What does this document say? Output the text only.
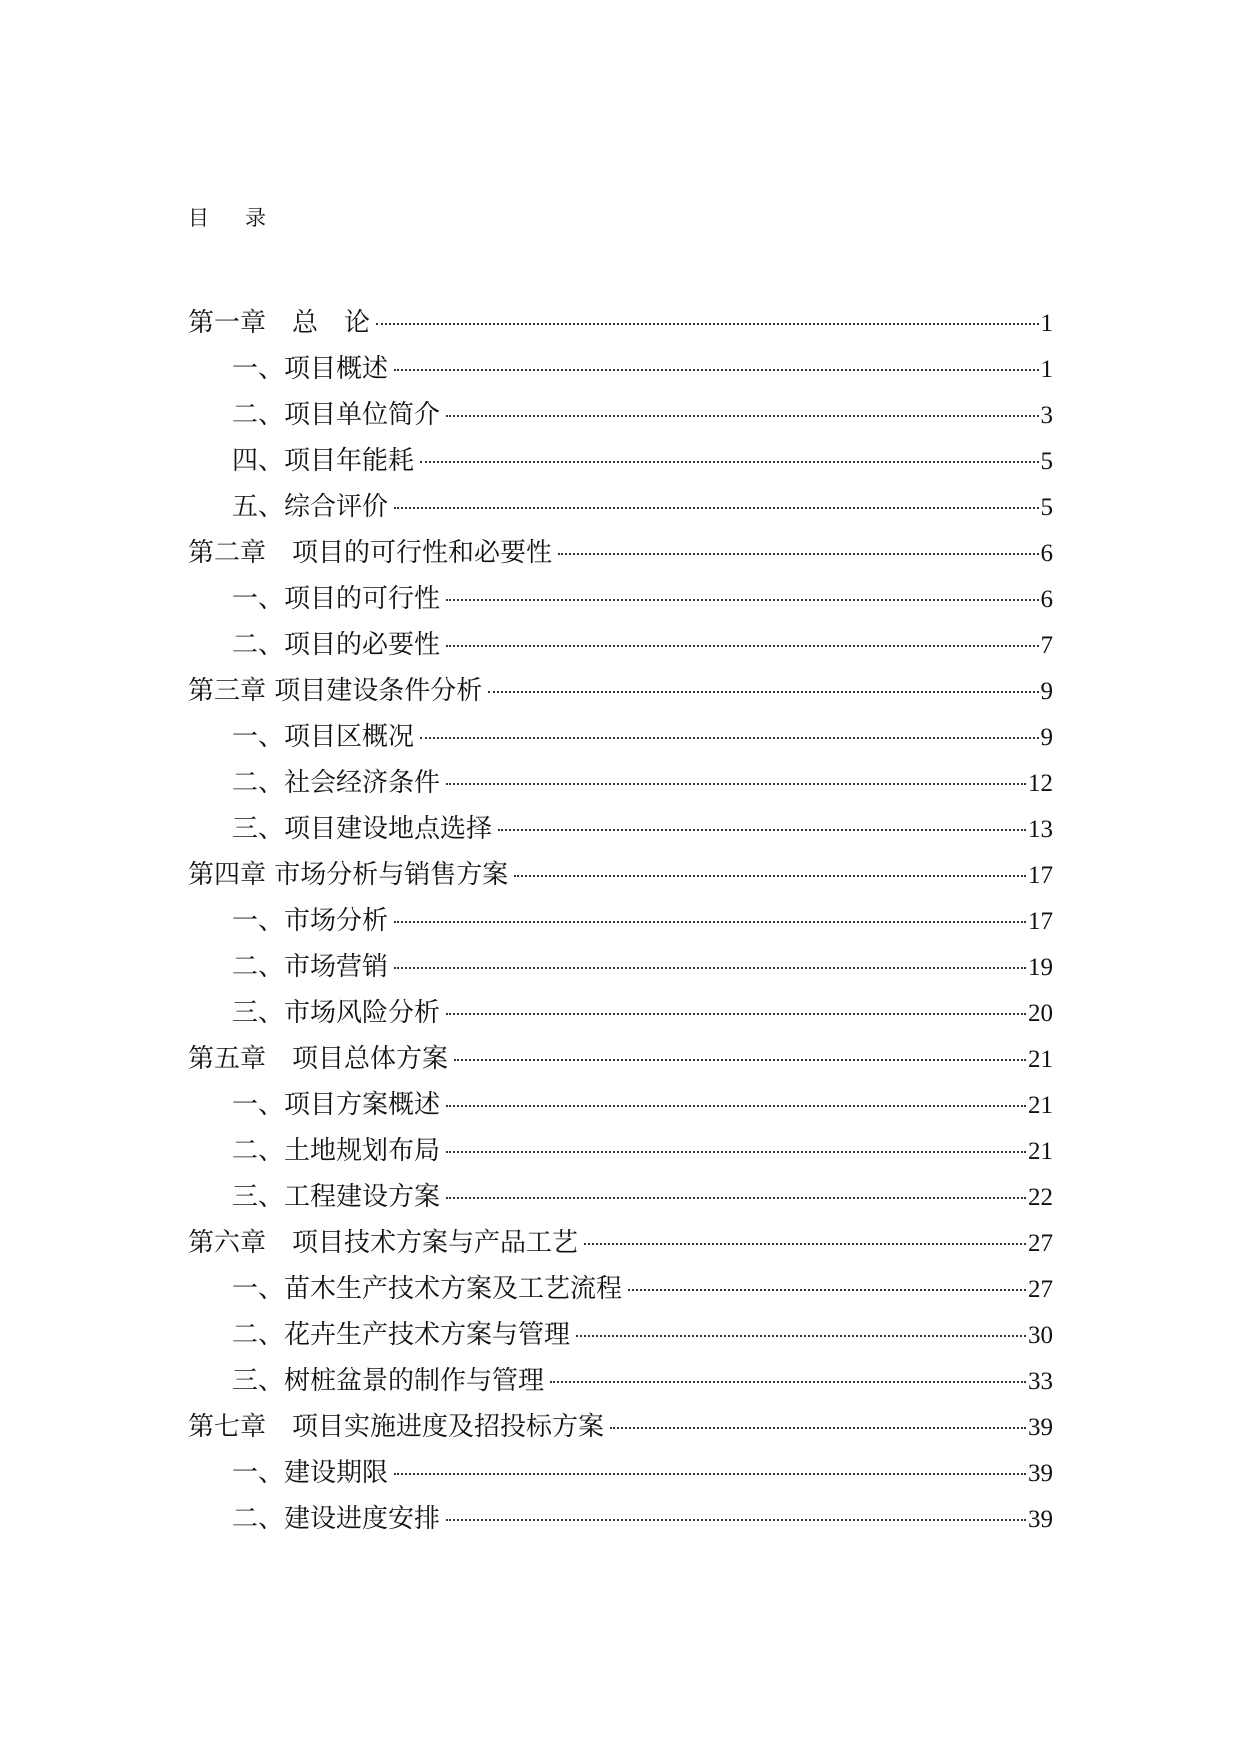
目 录
第一章　总　论	1
一、项目概述	1
二、项目单位简介	3
四、项目年能耗	5
五、综合评价	5
第二章　项目的可行性和必要性	6
一、项目的可行性	6
二、项目的必要性	7
第三章 项目建设条件分析	9
一、项目区概况	9
二、社会经济条件	12
三、项目建设地点选择	13
第四章 市场分析与销售方案	17
一、市场分析	17
二、市场营销	19
三、市场风险分析	20
第五章　项目总体方案	21
一、项目方案概述	21
二、土地规划布局	21
三、工程建设方案	22
第六章　项目技术方案与产品工艺	27
一、苗木生产技术方案及工艺流程	27
二、花卉生产技术方案与管理	30
三、树桩盆景的制作与管理	33
第七章　项目实施进度及招投标方案	39
一、建设期限	39
二、建设进度安排	39
